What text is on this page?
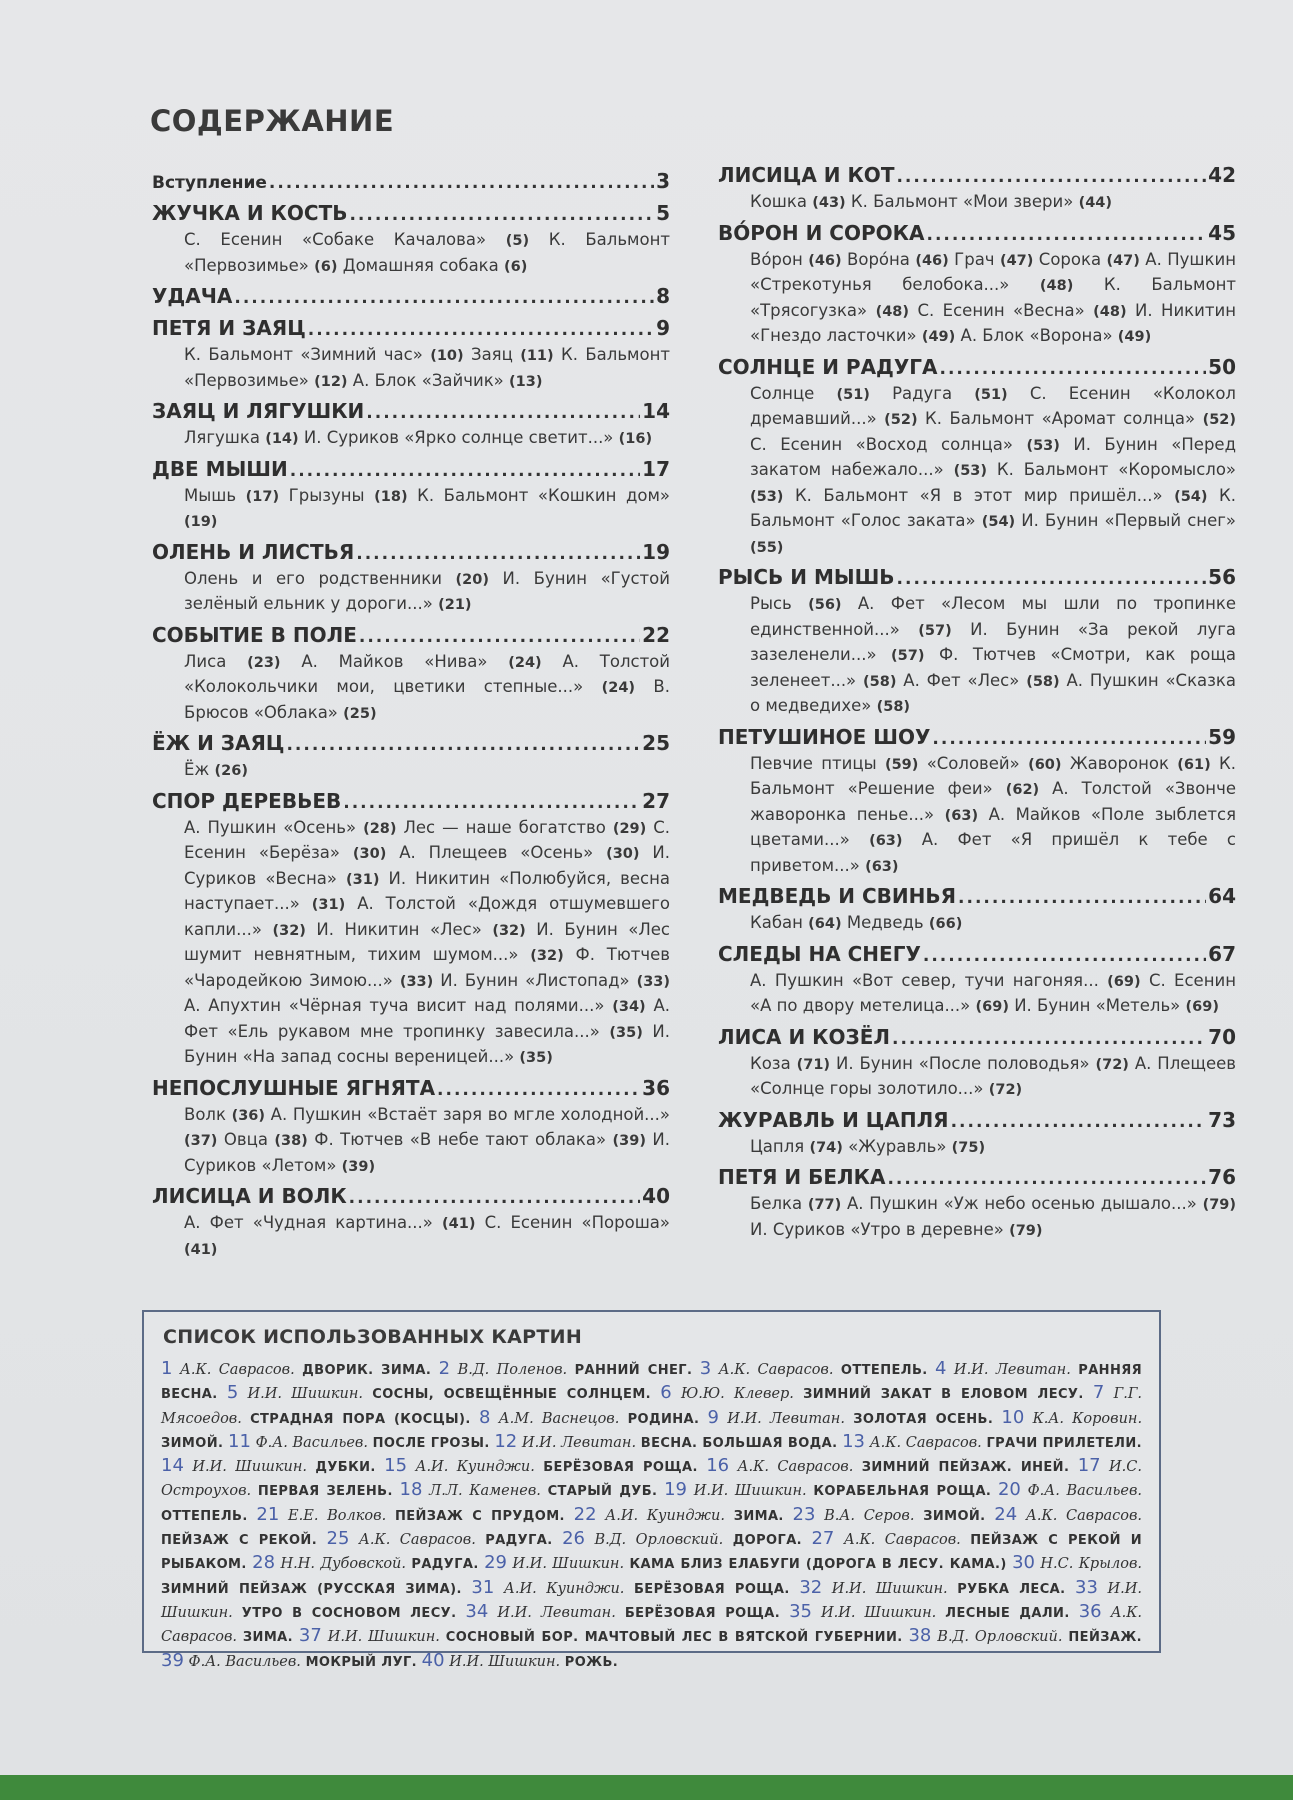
СОДЕРЖАНИЕ
Вступление .....	3
ЖУЧКА И КОСТЬ .....	5
С. Есенин «Собаке Качалова» (5) К. Бальмонт «Первозимье» (6) Домашняя собака (6)
УДАЧА .....	8
ПЕТЯ И ЗАЯЦ .....	9
К. Бальмонт «Зимний час» (10) Заяц (11) К. Бальмонт «Первозимье» (12) А. Блок «Зайчик» (13)
ЗАЯЦ И ЛЯГУШКИ .....	14
Лягушка (14) И. Суриков «Ярко солнце светит...» (16)
ДВЕ МЫШИ .....	17
Мышь (17) Грызуны (18) К. Бальмонт «Кошкин дом» (19)
ОЛЕНЬ И ЛИСТЬЯ .....	19
Олень и его родственники (20) И. Бунин «Густой зелёный ельник у дороги...» (21)
СОБЫТИЕ В ПОЛЕ .....	22
Лиса (23) А. Майков «Нива» (24) А. Толстой «Колокольчики мои, цветики степные...» (24) В. Брюсов «Облака» (25)
ЁЖ И ЗАЯЦ .....	25
Ёж (26)
СПОР ДЕРЕВЬЕВ .....	27
А. Пушкин «Осень» (28) Лес — наше богатство (29) С. Есенин «Берёза» (30) А. Плещеев «Осень» (30) И. Суриков «Весна» (31) И. Никитин «Полюбуйся, весна наступает...» (31) А. Толстой «Дождя отшумевшего капли...» (32) И. Никитин «Лес» (32) И. Бунин «Лес шумит невнятным, тихим шумом...» (32) Ф. Тютчев «Чародейкою Зимою...» (33) И. Бунин «Листопад» (33) А. Апухтин «Чёрная туча висит над полями...» (34) А. Фет «Ель рукавом мне тропинку завесила...» (35) И. Бунин «На запад сосны вереницей...» (35)
НЕПОСЛУШНЫЕ ЯГНЯТА .....	36
Волк (36) А. Пушкин «Встаёт заря во мгле холодной...» (37) Овца (38) Ф. Тютчев «В небе тают облака» (39) И. Суриков «Летом» (39)
ЛИСИЦА И ВОЛК .....	40
А. Фет «Чудная картина...» (41) С. Есенин «Пороша» (41)
ЛИСИЦА И КОТ .....	42
Кошка (43) К. Бальмонт «Мои звери» (44)
ВО́РОН И СОРОКА .....	45
Во́рон (46) Воро́на (46) Грач (47) Сорока (47) А. Пушкин «Стрекотунья белобока...» (48) К. Бальмонт «Трясогузка» (48) С. Есенин «Весна» (48) И. Никитин «Гнездо ласточки» (49) А. Блок «Ворона» (49)
СОЛНЦЕ И РАДУГА .....	50
Солнце (51) Радуга (51) С. Есенин «Колокол дремавший...» (52) К. Бальмонт «Аромат солнца» (52) С. Есенин «Восход солнца» (53) И. Бунин «Перед закатом набежало...» (53) К. Бальмонт «Коромысло» (53) К. Бальмонт «Я в этот мир пришёл...» (54) К. Бальмонт «Голос заката» (54) И. Бунин «Первый снег» (55)
РЫСЬ И МЫШЬ .....	56
Рысь (56) А. Фет «Лесом мы шли по тропинке единственной...» (57) И. Бунин «За рекой луга зазеленели...» (57) Ф. Тютчев «Смотри, как роща зеленеет...» (58) А. Фет «Лес» (58) А. Пушкин «Сказка о медведихе» (58)
ПЕТУШИНОЕ ШОУ .....	59
Певчие птицы (59) «Соловей» (60) Жаворонок (61) К. Бальмонт «Решение феи» (62) А. Толстой «Звонче жаворонка пенье...» (63) А. Майков «Поле зыблется цветами...» (63) А. Фет «Я пришёл к тебе с приветом...» (63)
МЕДВЕДЬ И СВИНЬЯ .....	64
Кабан (64) Медведь (66)
СЛЕДЫ НА СНЕГУ .....	67
А. Пушкин «Вот север, тучи нагоняя... (69) С. Есенин «А по двору метелица...» (69) И. Бунин «Метель» (69)
ЛИСА И КОЗЁЛ .....	70
Коза (71) И. Бунин «После половодья» (72) А. Плещеев «Солнце горы золотило...» (72)
ЖУРАВЛЬ И ЦАПЛЯ .....	73
Цапля (74) «Журавль» (75)
ПЕТЯ И БЕЛКА .....	76
Белка (77) А. Пушкин «Уж небо осенью дышало...» (79) И. Суриков «Утро в деревне» (79)
СПИСОК ИСПОЛЬЗОВАННЫХ КАРТИН
1 А.К. Саврасов. ДВОРИК. ЗИМА. 2 В.Д. Поленов. РАННИЙ СНЕГ. 3 А.К. Саврасов. ОТТЕПЕЛЬ. 4 И.И. Левитан. РАННЯЯ ВЕСНА. 5 И.И. Шишкин. СОСНЫ, ОСВЕЩЁННЫЕ СОЛНЦЕМ. 6 Ю.Ю. Клевер. ЗИМНИЙ ЗАКАТ В ЕЛОВОМ ЛЕСУ. 7 Г.Г. Мясоедов. СТРАДНАЯ ПОРА (КОСЦЫ). 8 А.М. Васнецов. РОДИНА. 9 И.И. Левитан. ЗОЛОТАЯ ОСЕНЬ. 10 К.А. Коровин. ЗИМОЙ. 11 Ф.А. Васильев. ПОСЛЕ ГРОЗЫ. 12 И.И. Левитан. ВЕСНА. БОЛЬШАЯ ВОДА. 13 А.К. Саврасов. ГРАЧИ ПРИЛЕТЕЛИ. 14 И.И. Шишкин. ДУБКИ. 15 А.И. Куинджи. БЕРЁЗОВАЯ РОЩА. 16 А.К. Саврасов. ЗИМНИЙ ПЕЙЗАЖ. ИНЕЙ. 17 И.С. Остроухов. ПЕРВАЯ ЗЕЛЕНЬ. 18 Л.Л. Каменев. СТАРЫЙ ДУБ. 19 И.И. Шишкин. КОРАБЕЛЬНАЯ РОЩА. 20 Ф.А. Васильев. ОТТЕПЕЛЬ. 21 Е.Е. Волков. ПЕЙЗАЖ С ПРУДОМ. 22 А.И. Куинджи. ЗИМА. 23 В.А. Серов. ЗИМОЙ. 24 А.К. Саврасов. ПЕЙЗАЖ С РЕКОЙ. 25 А.К. Саврасов. РАДУГА. 26 В.Д. Орловский. ДОРОГА. 27 А.К. Саврасов. ПЕЙЗАЖ С РЕКОЙ И РЫБАКОМ. 28 Н.Н. Дубовской. РАДУГА. 29 И.И. Шишкин. КАМА БЛИЗ ЕЛАБУГИ (ДОРОГА В ЛЕСУ. КАМА.) 30 Н.С. Крылов. ЗИМНИЙ ПЕЙЗАЖ (РУССКАЯ ЗИМА). 31 А.И. Куинджи. БЕРЁЗОВАЯ РОЩА. 32 И.И. Шишкин. РУБКА ЛЕСА. 33 И.И. Шишкин. УТРО В СОСНОВОМ ЛЕСУ. 34 И.И. Левитан. БЕРЁЗОВАЯ РОЩА. 35 И.И. Шишкин. ЛЕСНЫЕ ДАЛИ. 36 А.К. Саврасов. ЗИМА. 37 И.И. Шишкин. СОСНОВЫЙ БОР. МАЧТОВЫЙ ЛЕС В ВЯТСКОЙ ГУБЕРНИИ. 38 В.Д. Орловский. ПЕЙЗАЖ. 39 Ф.А. Васильев. МОКРЫЙ ЛУГ. 40 И.И. Шишкин. РОЖЬ.
